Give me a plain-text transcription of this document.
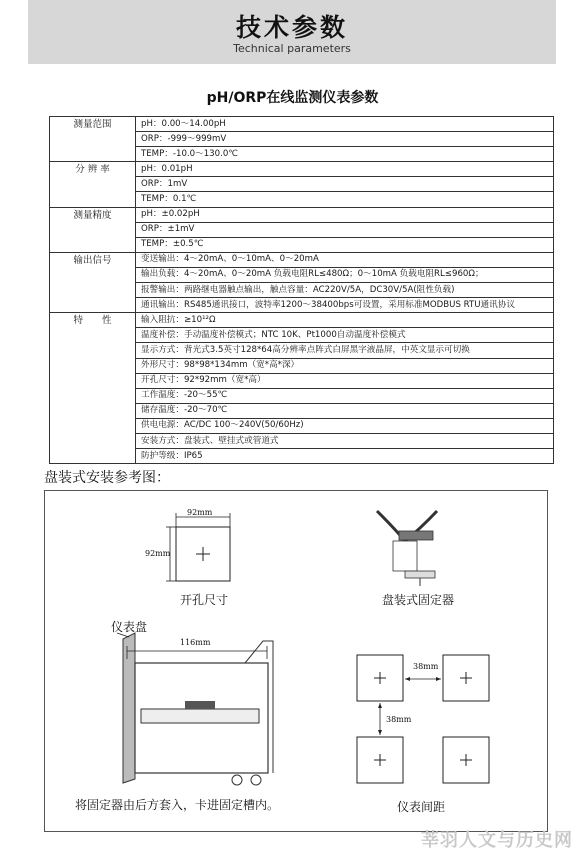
技术参数
Technical parameters
pH/ORP在线监测仪表参数
测量范围	pH：0.00～14.00pH
	ORP：-999～999mV
	TEMP：-10.0～130.0℃
分 辨 率	pH：0.01pH
	ORP：1mV
	TEMP：0.1℃
测量精度	pH：±0.02pH
	ORP：±1mV
	TEMP：±0.5℃
输出信号	变送输出：4～20mA、0～10mA、0～20mA
	输出负载：4～20mA、0～20mA 负载电阻RL≤480Ω；0～10mA 负载电阻RL≤960Ω；
	报警输出：两路继电器触点输出，触点容量：AC220V/5A，DC30V/5A(阻性负载)
	通讯输出：RS485通讯接口，波特率1200～38400bps可设置，采用标准MODBUS RTU通讯协议
特　　性	输入阻抗：≥10¹²Ω
	温度补偿：手动温度补偿模式；NTC 10K、Pt1000自动温度补偿模式
	显示方式：背光式3.5英寸128*64高分辨率点阵式白屏黑字液晶屏，中英文显示可切换
	外形尺寸：98*98*134mm（宽*高*深）
	开孔尺寸：92*92mm（宽*高）
	工作温度：-20～55℃
	储存温度：-20～70℃
	供电电源：AC/DC 100～240V(50/60Hz)
	安装方式：盘装式、壁挂式或管道式
	防护等级：IP65
盘装式安装参考图：
92mm
92mm
开孔尺寸	盘装式固定器
仪表盘
116mm
将固定器由后方套入，卡进固定槽内。
38mm
38mm
仪表间距
莘羽人文与历史网
